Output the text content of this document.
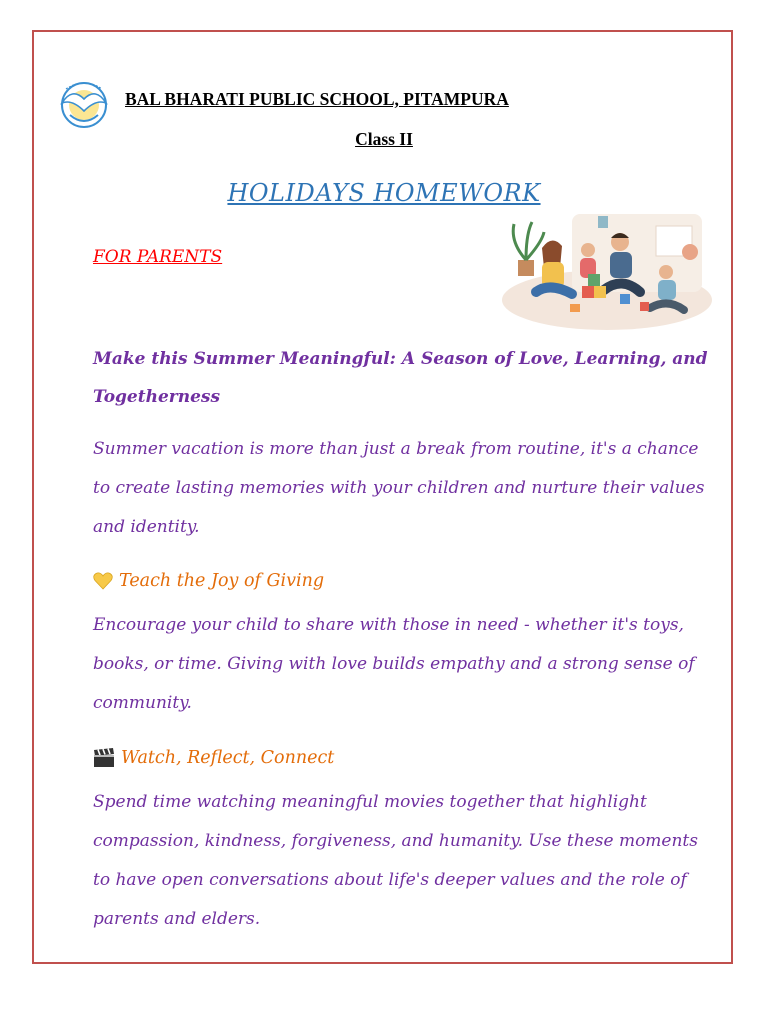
BAL BHARATI PUBLIC SCHOOL, PITAMPURA
Class II
HOLIDAYS HOMEWORK
FOR PARENTS
Make this Summer Meaningful: A Season of Love, Learning, and Togetherness
Summer vacation is more than just a break from routine, it's a chance to create lasting memories with your children and nurture their values and identity.
Teach the Joy of Giving
Encourage your child to share with those in need - whether it's toys, books, or time. Giving with love builds empathy and a strong sense of community.
Watch, Reflect, Connect
Spend time watching meaningful movies together that highlight compassion, kindness, forgiveness, and humanity. Use these moments to have open conversations about life's deeper values and the role of parents and elders.
